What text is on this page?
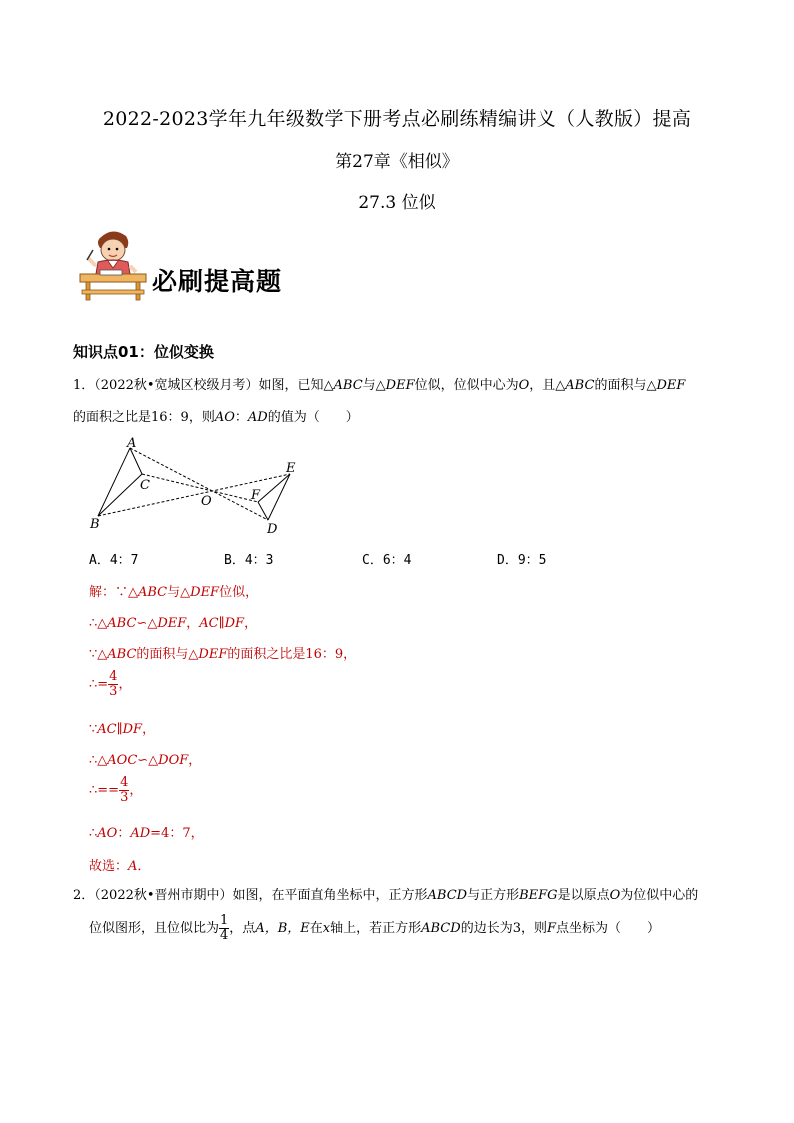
2022-2023学年九年级数学下册考点必刷练精编讲义（人教版）提高
第27章《相似》
27.3 位似
必刷提高题
知识点01：位似变换
1．（2022秋•宽城区校级月考）如图，已知△ABC与△DEF位似，位似中心为O，且△ABC的面积与△DEF
的面积之比是16：9，则AO：AD的值为（　　）
A
B
C
O
E
F
D
A．4：7	B．4：3	C．6：4	D．9：5
解：∵△ABC与△DEF位似，
∴△ABC∽△DEF，AC∥DF，
∵△ABC的面积与△DEF的面积之比是16：9，
∴= $\frac{4}{3}$ ，
∵AC∥DF，
∴△AOC∽△DOF，
∴== $\frac{4}{3}$ ，
∴AO：AD=4：7，
故选：A．
2．（2022秋•晋州市期中）如图，在平面直角坐标中，正方形ABCD与正方形BEFG是以原点O为位似中心的
位似图形，且位似比为 $\frac{1}{4}$ ，点A，B，E在x轴上，若正方形ABCD的边长为3，则F点坐标为（　　）
